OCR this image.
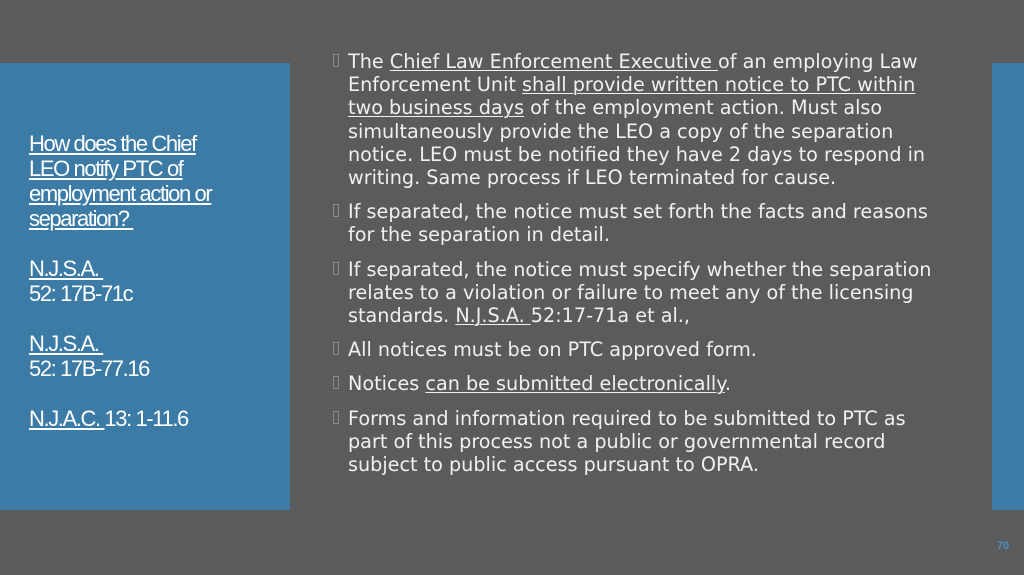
How does the Chief
LEO notify PTC of
employment action or
separation?
N.J.S.A.
52: 17B-71c
N.J.S.A.
52: 17B-77.16
N.J.A.C. 13: 1-11.6
The Chief Law Enforcement Executive of an employing Law Enforcement Unit shall provide written notice to PTC within two business days of the employment action. Must also simultaneously provide the LEO a copy of the separation notice. LEO must be notified they have 2 days to respond in writing. Same process if LEO terminated for cause.
If separated, the notice must set forth the facts and reasons for the separation in detail.
If separated, the notice must specify whether the separation relates to a violation or failure to meet any of the licensing standards. N.J.S.A. 52:17-71a et al.,
All notices must be on PTC approved form.
Notices can be submitted electronically.
Forms and information required to be submitted to PTC as part of this process not a public or governmental record subject to public access pursuant to OPRA.
70
